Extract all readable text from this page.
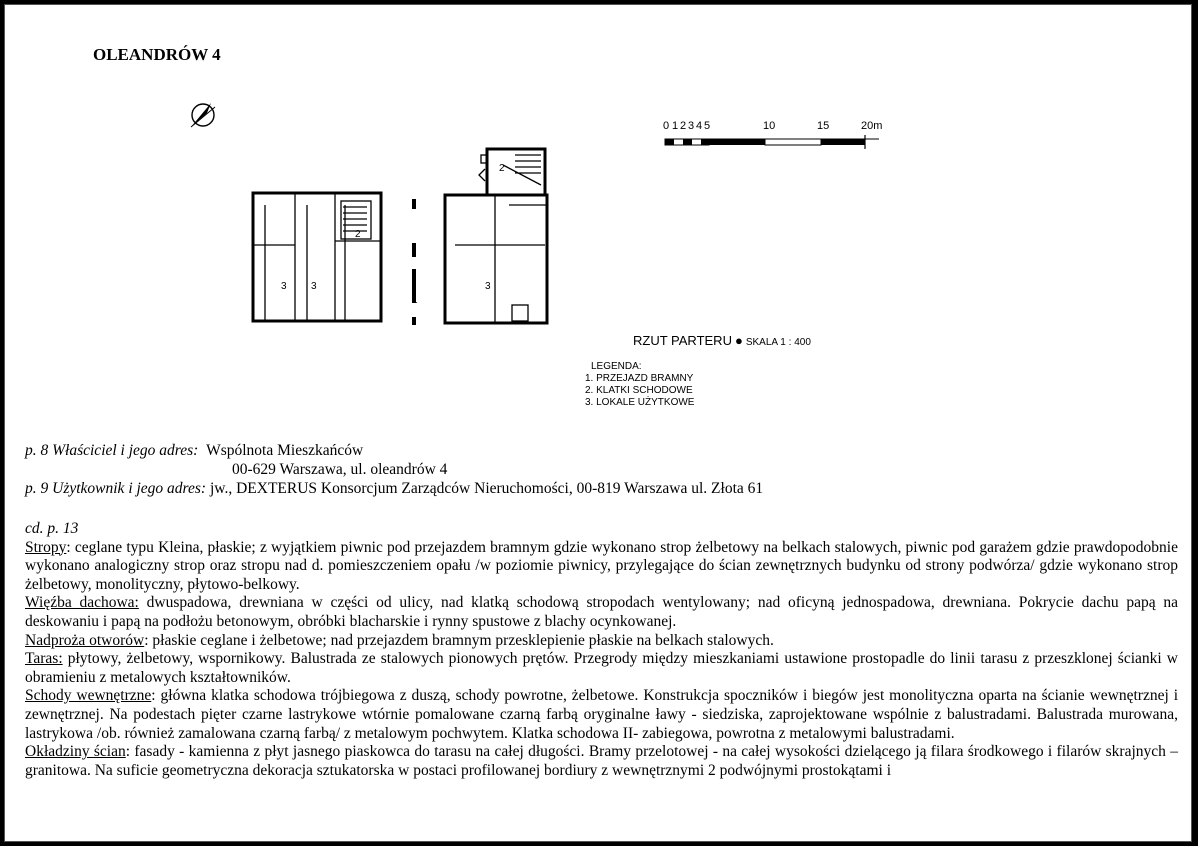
OLEANDRÓW 4
0 1 2 3 4 5	10	15	20m
2
2
3 3
1
3
RZUT PARTERU ● SKALA 1 : 400
LEGENDA:
1. PRZEJAZD BRAMNY
2. KLATKI SCHODOWE
3. LOKALE UŻYTKOWE
p. 8 Właściciel i jego adres: Wspólnota Mieszkańców
00-629 Warszawa, ul. oleandrów 4
p. 9 Użytkownik i jego adres: jw., DEXTERUS Konsorcjum Zarządców Nieruchomości, 00-819 Warszawa ul. Złota 61

cd. p. 13

Stropy: ceglane typu Kleina, płaskie; z wyjątkiem piwnic pod przejazdem bramnym gdzie wykonano strop żelbetowy na belkach stalowych, piwnic pod garażem gdzie prawdopodobnie wykonano analogiczny strop oraz stropu nad d. pomieszczeniem opału /w poziomie piwnicy, przylegające do ścian zewnętrznych budynku od strony podwórza/ gdzie wykonano strop żelbetowy, monolityczny, płytowo-belkowy.

Więźba dachowa: dwuspadowa, drewniana w części od ulicy, nad klatką schodową stropodach wentylowany; nad oficyną jednospadowa, drewniana. Pokrycie dachu papą na deskowaniu i papą na podłożu betonowym, obróbki blacharskie i rynny spustowe z blachy ocynkowanej.

Nadproża otworów: płaskie ceglane i żelbetowe; nad przejazdem bramnym przesklepienie płaskie na belkach stalowych.

Taras: płytowy, żelbetowy, wspornikowy. Balustrada ze stalowych pionowych prętów. Przegrody między mieszkaniami ustawione prostopadle do linii tarasu z przeszklonej ścianki w obramieniu z metalowych kształtowników.

Schody wewnętrzne: główna klatka schodowa trójbiegowa z duszą, schody powrotne, żelbetowe. Konstrukcja spoczników i biegów jest monolityczna oparta na ścianie wewnętrznej i zewnętrznej. Na podestach pięter czarne lastrykowe wtórnie pomalowane czarną farbą oryginalne ławy - siedziska, zaprojektowane wspólnie z balustradami. Balustrada murowana, lastrykowa /ob. również zamalowana czarną farbą/ z metalowym pochwytem. Klatka schodowa II- zabiegowa, powrotna z metalowymi balustradami.

Okładziny ścian: fasady - kamienna z płyt jasnego piaskowca do tarasu na całej długości. Bramy przelotowej - na całej wysokości dzielącego ją filara środkowego i filarów skrajnych – granitowa. Na suficie geometryczna dekoracja sztukatorska w postaci profilowanej bordiury z wewnętrznymi 2 podwójnymi prostokątami i
